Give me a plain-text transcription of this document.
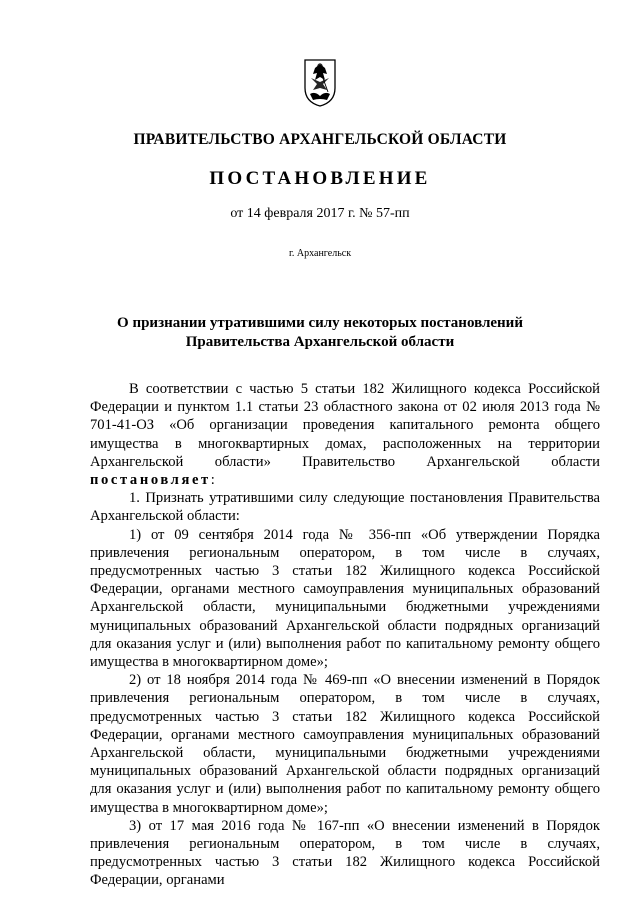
ПРАВИТЕЛЬСТВО АРХАНГЕЛЬСКОЙ ОБЛАСТИ
ПОСТАНОВЛЕНИЕ
от 14 февраля 2017 г. № 57-пп
г. Архангельск
О признании утратившими силу некоторых постановлений
Правительства Архангельской области

В соответствии с частью 5 статьи 182 Жилищного кодекса Российской Федерации и пунктом 1.1 статьи 23 областного закона от 02 июля 2013 года № 701-41-ОЗ «Об организации проведения капитального ремонта общего имущества в многоквартирных домах, расположенных на территории Архангельской области» Правительство Архангельской области постановляет:

1. Признать утратившими силу следующие постановления Правительства Архангельской области:

1) от 09 сентября 2014 года № 356-пп «Об утверждении Порядка привлечения региональным оператором, в том числе в случаях, предусмотренных частью 3 статьи 182 Жилищного кодекса Российской Федерации, органами местного самоуправления муниципальных образований Архангельской области, муниципальными бюджетными учреждениями муниципальных образований Архангельской области подрядных организаций для оказания услуг и (или) выполнения работ по капитальному ремонту общего имущества в многоквартирном доме»;

2) от 18 ноября 2014 года № 469-пп «О внесении изменений в Порядок привлечения региональным оператором, в том числе в случаях, предусмотренных частью 3 статьи 182 Жилищного кодекса Российской Федерации, органами местного самоуправления муниципальных образований Архангельской области, муниципальными бюджетными учреждениями муниципальных образований Архангельской области подрядных организаций для оказания услуг и (или) выполнения работ по капитальному ремонту общего имущества в многоквартирном доме»;

3) от 17 мая 2016 года № 167-пп «О внесении изменений в Порядок привлечения региональным оператором, в том числе в случаях, предусмотренных частью 3 статьи 182 Жилищного кодекса Российской Федерации, органами
